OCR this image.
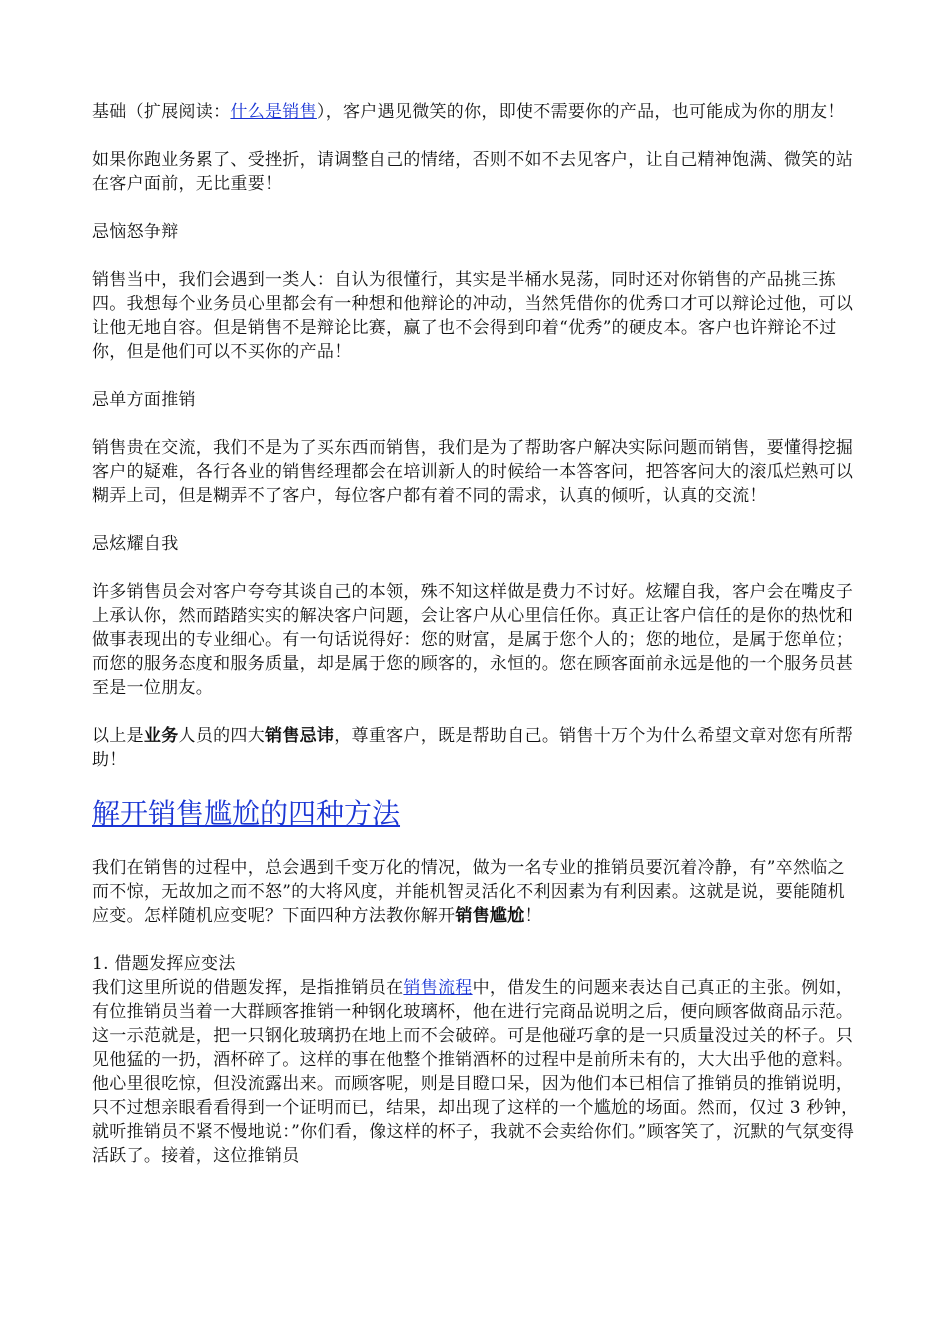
基础（扩展阅读：什么是销售），客户遇见微笑的你，即使不需要你的产品，也可能成为你的朋友！

如果你跑业务累了、受挫折，请调整自己的情绪，否则不如不去见客户，让自己精神饱满、微笑的站在客户面前，无比重要！

忌恼怒争辩

销售当中，我们会遇到一类人：自认为很懂行，其实是半桶水晃荡，同时还对你销售的产品挑三拣四。我想每个业务员心里都会有一种想和他辩论的冲动，当然凭借你的优秀口才可以辩论过他，可以让他无地自容。但是销售不是辩论比赛，赢了也不会得到印着“优秀”的硬皮本。客户也许辩论不过你，但是他们可以不买你的产品！

忌单方面推销

销售贵在交流，我们不是为了买东西而销售，我们是为了帮助客户解决实际问题而销售，要懂得挖掘客户的疑难，各行各业的销售经理都会在培训新人的时候给一本答客问，把答客问大的滚瓜烂熟可以糊弄上司，但是糊弄不了客户，每位客户都有着不同的需求，认真的倾听，认真的交流！

忌炫耀自我

许多销售员会对客户夸夸其谈自己的本领，殊不知这样做是费力不讨好。炫耀自我，客户会在嘴皮子上承认你，然而踏踏实实的解决客户问题，会让客户从心里信任你。真正让客户信任的是你的热忱和做事表现出的专业细心。有一句话说得好：您的财富，是属于您个人的；您的地位，是属于您单位；而您的服务态度和服务质量，却是属于您的顾客的，永恒的。您在顾客面前永远是他的一个服务员甚至是一位朋友。

以上是业务人员的四大销售忌讳，尊重客户，既是帮助自己。销售十万个为什么希望文章对您有所帮助！

解开销售尴尬的四种方法

我们在销售的过程中，总会遇到千变万化的情况，做为一名专业的推销员要沉着冷静，有”卒然临之而不惊，无故加之而不怒”的大将风度，并能机智灵活化不利因素为有利因素。这就是说，要能随机应变。怎样随机应变呢？下面四种方法教你解开销售尴尬！

1. 借题发挥应变法

我们这里所说的借题发挥，是指推销员在销售流程中，借发生的问题来表达自己真正的主张。例如，有位推销员当着一大群顾客推销一种钢化玻璃杯，他在进行完商品说明之后，便向顾客做商品示范。这一示范就是，把一只钢化玻璃扔在地上而不会破碎。可是他碰巧拿的是一只质量没过关的杯子。只见他猛的一扔，酒杯碎了。这样的事在他整个推销酒杯的过程中是前所未有的，大大出乎他的意料。他心里很吃惊，但没流露出来。而顾客呢，则是目瞪口呆，因为他们本已相信了推销员的推销说明，只不过想亲眼看看得到一个证明而已，结果，却出现了这样的一个尴尬的场面。然而，仅过 3 秒钟，就听推销员不紧不慢地说：”你们看，像这样的杯子，我就不会卖给你们。”顾客笑了，沉默的气氛变得活跃了。接着，这位推销员
